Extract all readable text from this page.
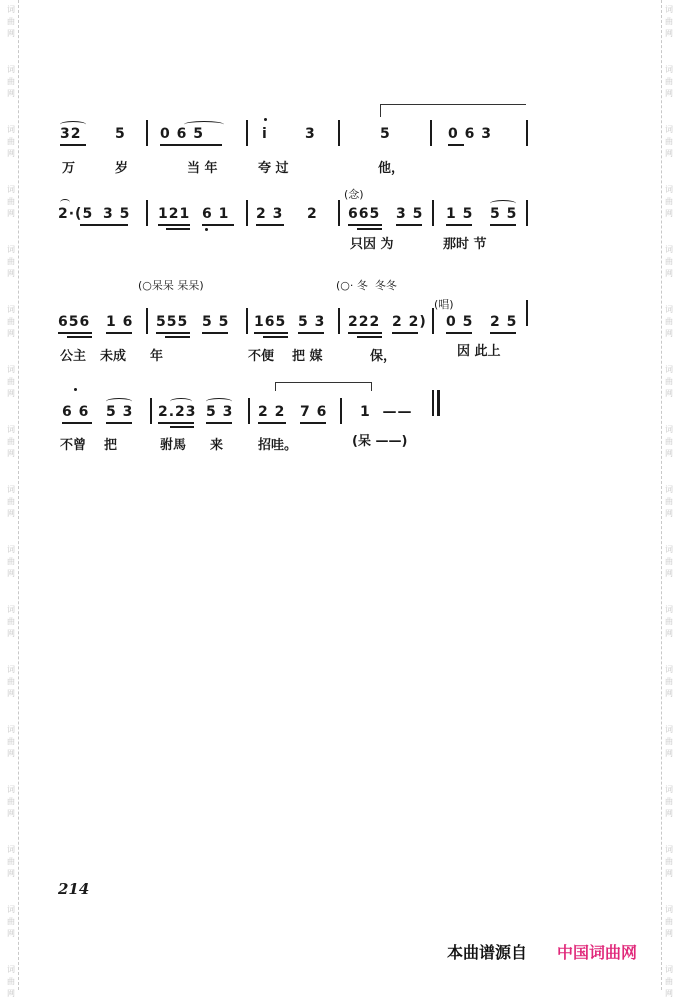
词
曲
网
词
曲
网
词
曲
网
词
曲
网
词
曲
网
词
曲
网
词
曲
网
词
曲
网
词
曲
网
词
曲
网
词
曲
网
词
曲
网
词
曲
网
词
曲
网
词
曲
网
词
曲
网
词
曲
网
词
曲
网
词
曲
网
词
曲
网
词
曲
网
词
曲
网
词
曲
网
词
曲
网
词
曲
网
词
曲
网
词
曲
网
词
曲
网
词
曲
网
词
曲
网
词
曲
网
词
曲
网
词
曲
网
词
曲
网
32 5 0 6 5	i	3	5	0 6 3
万	岁	当 年	夸 过	他，
(念)
2·(5 3 5 121 6 1 2 3 2 665 3 5 1 5 5 5
只因 为	那时 节
(○呆呆 呆呆)	(○· 冬  冬冬
(唱)
656 1 6 555 5 5 165 5 3 222 2 2) 0 5 2 5
公主 未成 年	不便 把 媒	保，	因 此上
6 6 5 3 2.23 5 3 2 2 7 6 1  ——
不曾 把	驸馬 来	招哇。	(呆 ——)
214
本曲谱源自 中国词曲网
